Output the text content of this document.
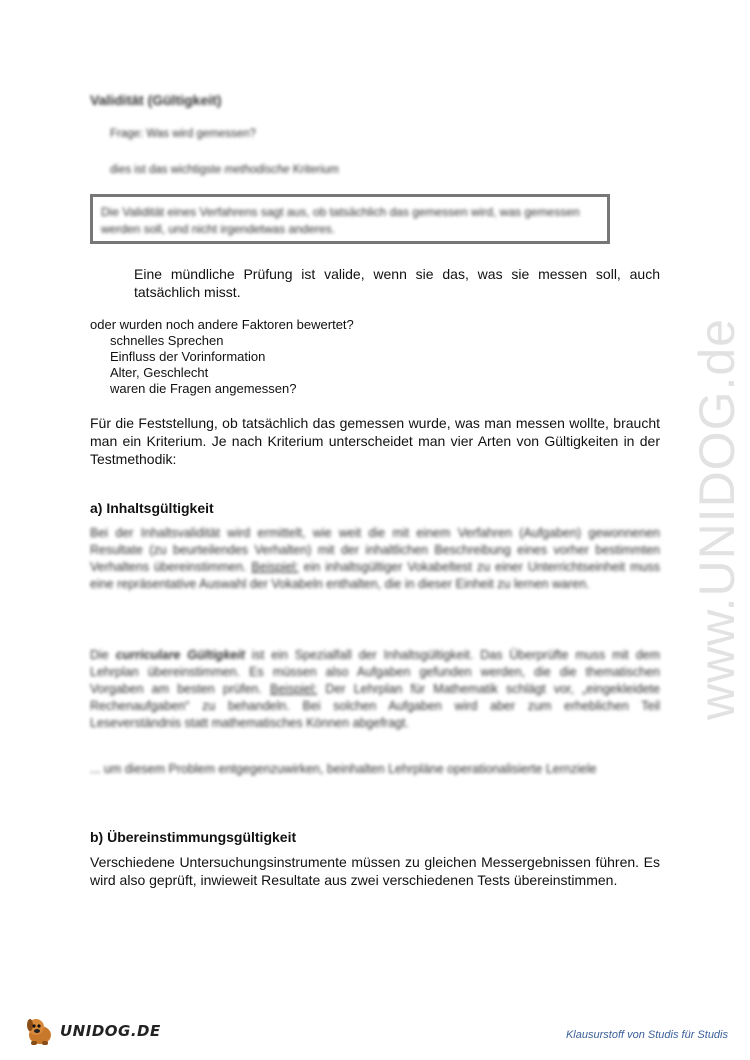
Validität (Gültigkeit)
Frage: Was wird gemessen?
dies ist das wichtigste methodische Kriterium
Die Validität eines Verfahrens sagt aus, ob tatsächlich das gemessen wird, was gemessen werden soll, und nicht irgendetwas anderes.
Eine mündliche Prüfung ist valide, wenn sie das, was sie messen soll, auch tatsächlich misst.
oder wurden noch andere Faktoren bewertet?
schnelles Sprechen
Einfluss der Vorinformation
Alter, Geschlecht
waren die Fragen angemessen?
Für die Feststellung, ob tatsächlich das gemessen wurde, was man messen wollte, braucht man ein Kriterium. Je nach Kriterium unterscheidet man vier Arten von Gültigkeiten in der Testmethodik:
a) Inhaltsgültigkeit
Bei der Inhaltsvalidität wird ermittelt, wie weit die mit einem Verfahren (Aufgaben) gewonnenen Resultate (zu beurteilendes Verhalten) mit der inhaltlichen Beschreibung eines vorher bestimmten Verhaltens übereinstimmen. Beispiel: ein inhaltsgültiger Vokabeltest zu einer Unterrichtseinheit muss eine repräsentative Auswahl der Vokabeln enthalten, die in dieser Einheit zu lernen waren.
Die curriculare Gültigkeit ist ein Spezialfall der Inhaltsgültigkeit. Das Überprüfte muss mit dem Lehrplan übereinstimmen. Es müssen also Aufgaben gefunden werden, die die thematischen Vorgaben am besten prüfen. Beispiel: Der Lehrplan für Mathematik schlägt vor, „eingekleidete Rechenaufgaben“ zu behandeln. Bei solchen Aufgaben wird aber zum erheblichen Teil Leseverständnis statt mathematisches Können abgefragt.
... um diesem Problem entgegenzuwirken, beinhalten Lehrpläne operationalisierte Lernziele
b) Übereinstimmungsgültigkeit
Verschiedene Untersuchungsinstrumente müssen zu gleichen Messergebnissen führen. Es wird also geprüft, inwieweit Resultate aus zwei verschiedenen Tests übereinstimmen.
www.UNIDOG.de
UNIDOG.DE	Klausurstoff von Studis für Studis
